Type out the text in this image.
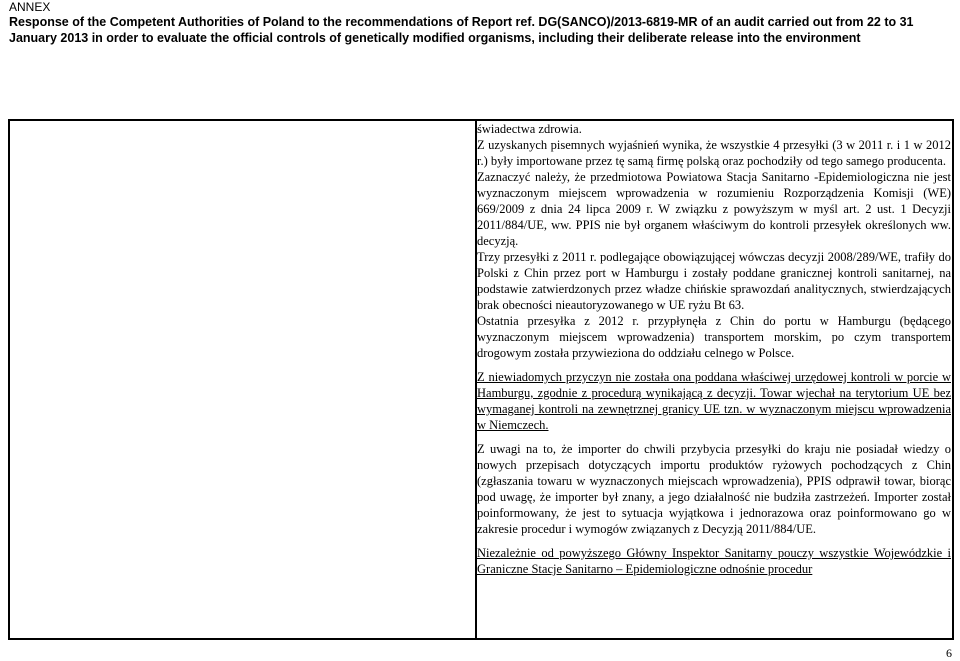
ANNEX
Response of the Competent Authorities of Poland to the recommendations of Report ref. DG(SANCO)/2013-6819-MR of an audit carried out from 22 to 31
January 2013 in order to evaluate the official controls of genetically modified organisms, including their deliberate release into the environment

świadectwa zdrowia.

Z uzyskanych pisemnych wyjaśnień wynika, że wszystkie 4 przesyłki (3 w 2011 r. i 1 w 2012 r.) były importowane przez tę samą firmę polską oraz pochodziły od tego samego producenta.

Zaznaczyć należy, że przedmiotowa Powiatowa Stacja Sanitarno -Epidemiologiczna nie jest wyznaczonym miejscem wprowadzenia w rozumieniu Rozporządzenia Komisji (WE) 669/2009 z dnia 24 lipca 2009 r. W związku z powyższym w myśl art. 2 ust. 1 Decyzji 2011/884/UE, ww. PPIS nie był organem właściwym do kontroli przesyłek określonych ww. decyzją.

Trzy przesyłki z 2011 r. podlegające obowiązującej wówczas decyzji 2008/289/WE, trafiły do Polski z Chin przez port w Hamburgu i zostały poddane granicznej kontroli sanitarnej, na podstawie zatwierdzonych przez władze chińskie sprawozdań analitycznych, stwierdzających brak obecności nieautoryzowanego w UE ryżu Bt 63.

Ostatnia przesyłka z 2012 r. przypłynęła z Chin do portu w Hamburgu (będącego wyznaczonym miejscem wprowadzenia) transportem morskim, po czym transportem drogowym została przywieziona do oddziału celnego w Polsce.

Z niewiadomych przyczyn nie została ona poddana właściwej urzędowej kontroli w porcie w Hamburgu, zgodnie z procedurą wynikającą z decyzji. Towar wjechał na terytorium UE bez wymaganej kontroli na zewnętrznej granicy UE tzn. w wyznaczonym miejscu wprowadzenia w Niemczech.

Z uwagi na to, że importer do chwili przybycia przesyłki do kraju nie posiadał wiedzy o nowych przepisach dotyczących importu produktów ryżowych pochodzących z Chin (zgłaszania towaru w wyznaczonych miejscach wprowadzenia), PPIS odprawił towar, biorąc pod uwagę, że importer był znany, a jego działalność nie budziła zastrzeżeń. Importer został poinformowany, że jest to sytuacja wyjątkowa i jednorazowa oraz poinformowano go w zakresie procedur i wymogów związanych z Decyzją 2011/884/UE.

Niezależnie od powyższego Główny Inspektor Sanitarny pouczy wszystkie Wojewódzkie i Graniczne Stacje Sanitarno – Epidemiologiczne odnośnie procedur

6
